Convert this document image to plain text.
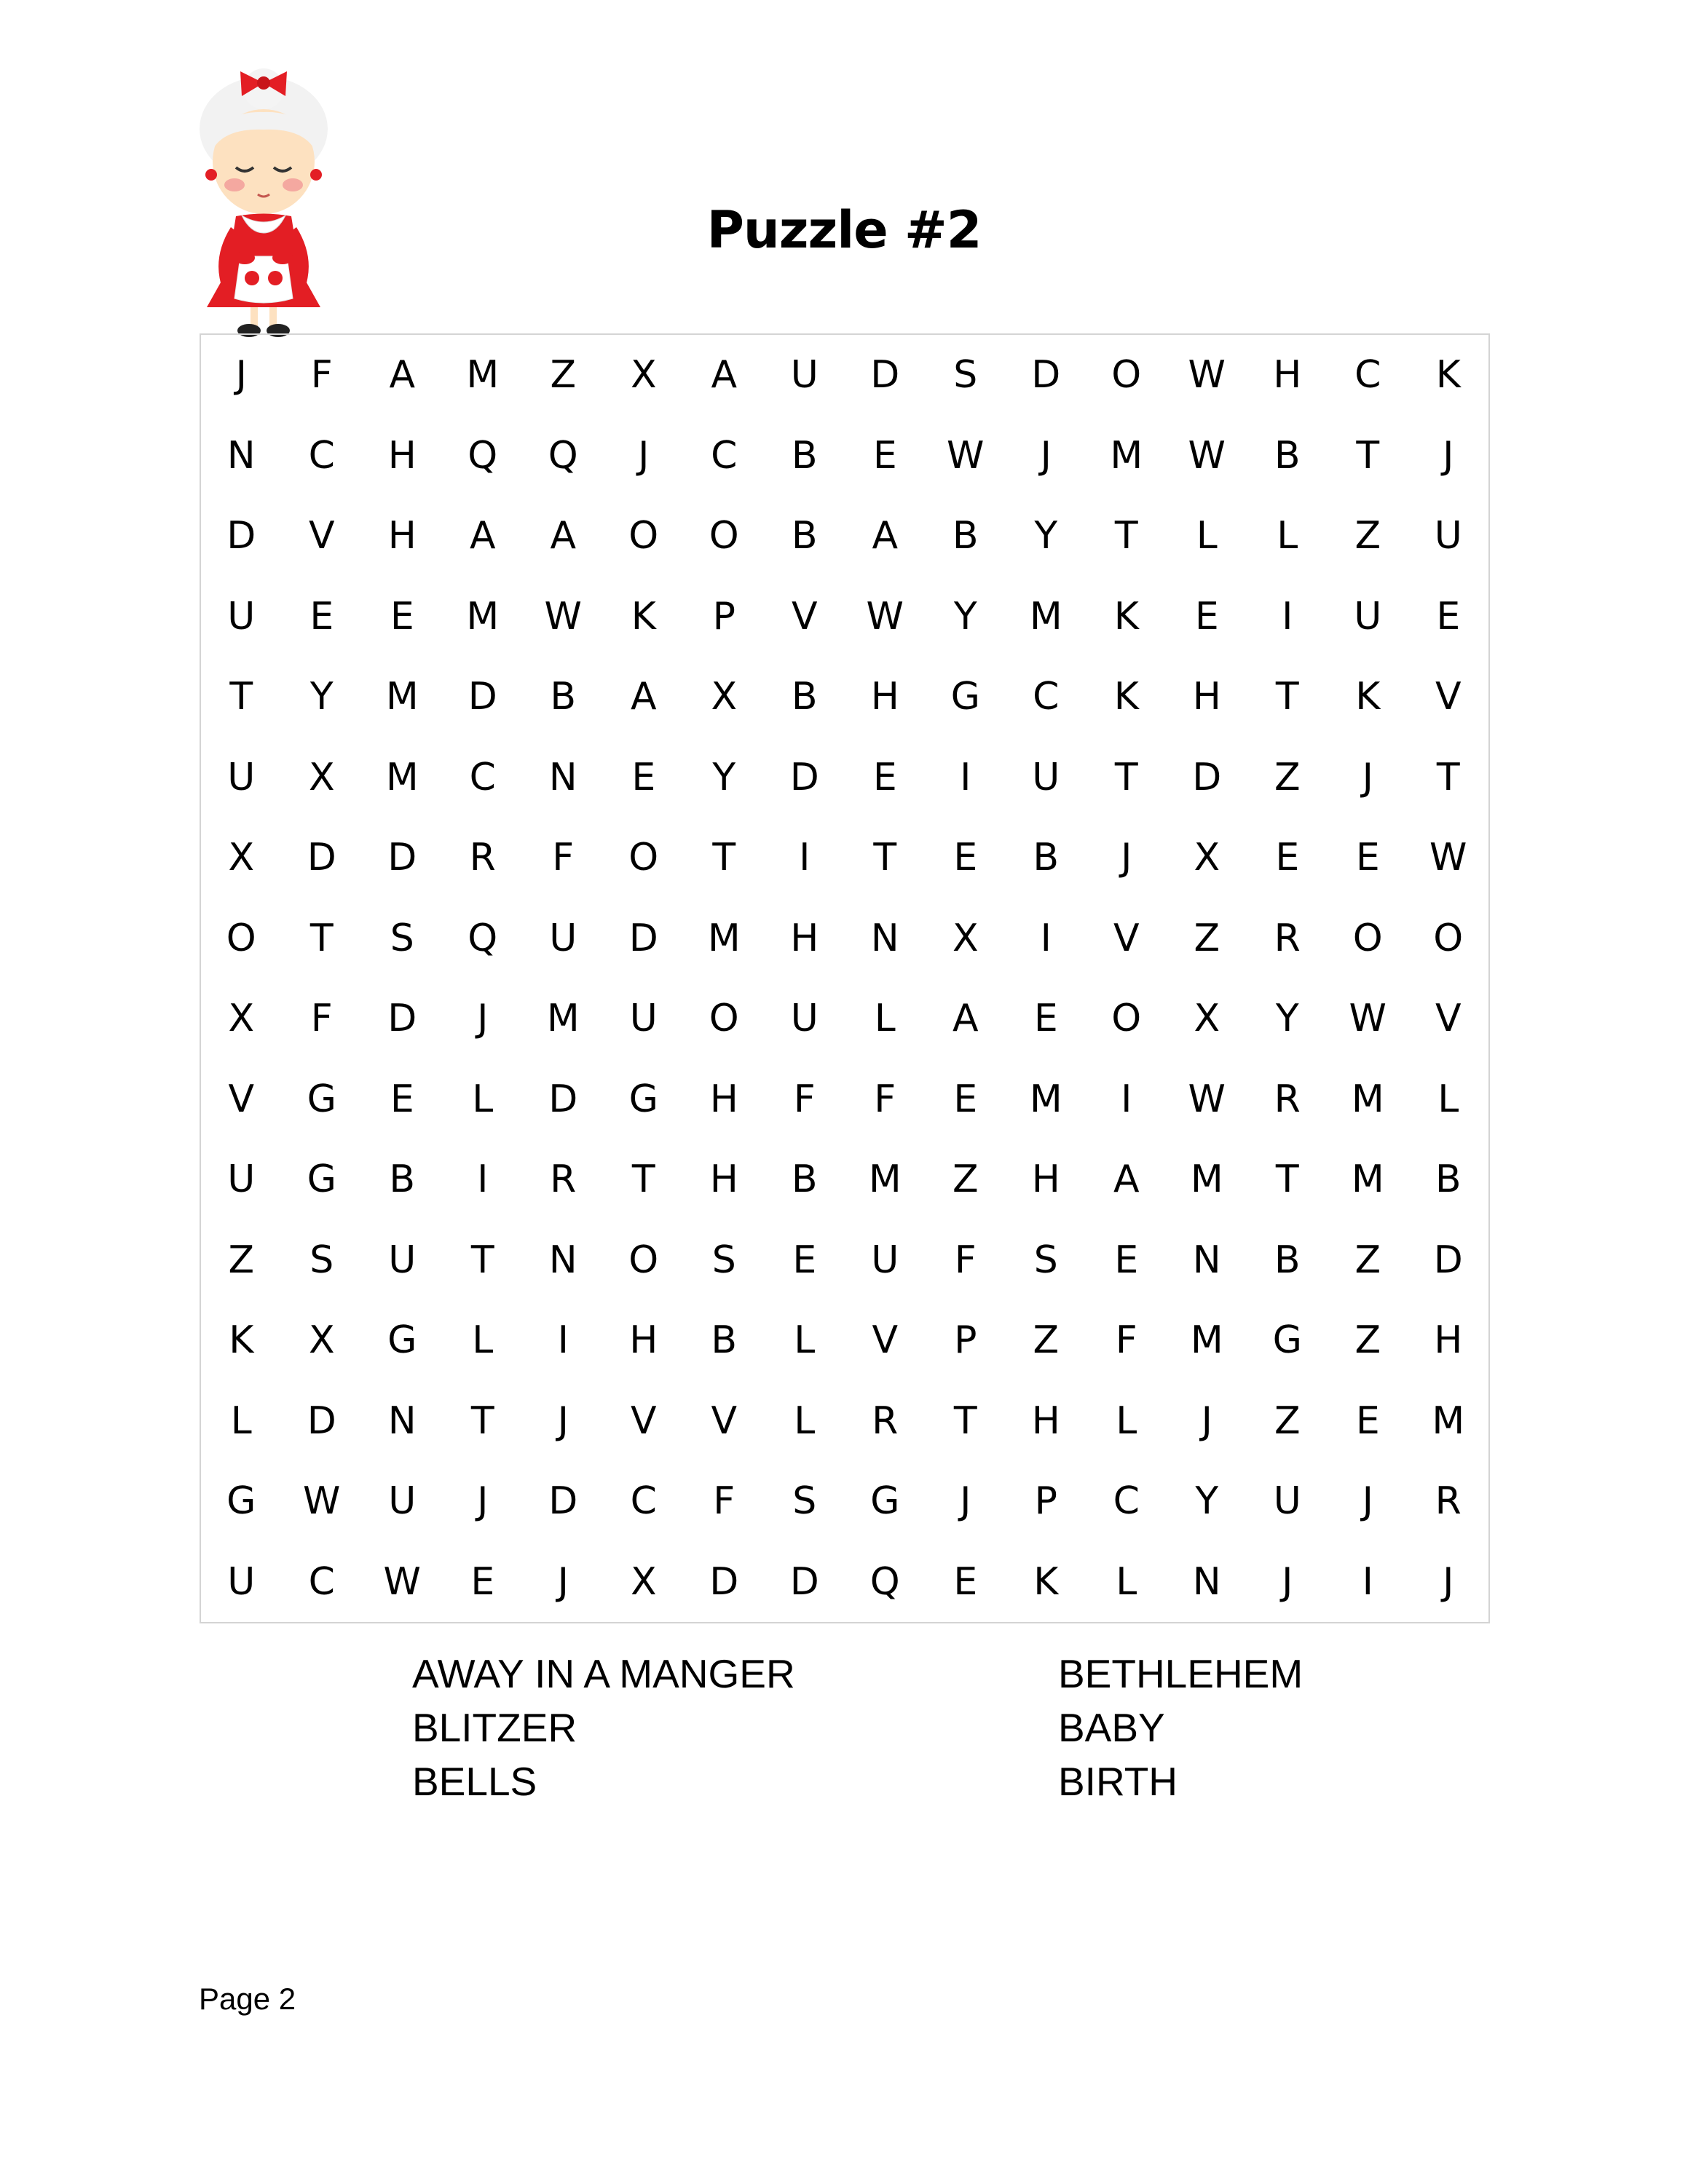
Puzzle #2
J	F	A	M	Z	X	A	U	D	S	D	O	W	H	C	K
N	C	H	Q	Q	J	C	B	E	W	J	M	W	B	T	J
D	V	H	A	A	O	O	B	A	B	Y	T	L	L	Z	U
U	E	E	M	W	K	P	V	W	Y	M	K	E	I	U	E
T	Y	M	D	B	A	X	B	H	G	C	K	H	T	K	V
U	X	M	C	N	E	Y	D	E	I	U	T	D	Z	J	T
X	D	D	R	F	O	T	I	T	E	B	J	X	E	E	W
O	T	S	Q	U	D	M	H	N	X	I	V	Z	R	O	O
X	F	D	J	M	U	O	U	L	A	E	O	X	Y	W	V
V	G	E	L	D	G	H	F	F	E	M	I	W	R	M	L
U	G	B	I	R	T	H	B	M	Z	H	A	M	T	M	B
Z	S	U	T	N	O	S	E	U	F	S	E	N	B	Z	D
K	X	G	L	I	H	B	L	V	P	Z	F	M	G	Z	H
L	D	N	T	J	V	V	L	R	T	H	L	J	Z	E	M
G	W	U	J	D	C	F	S	G	J	P	C	Y	U	J	R
U	C	W	E	J	X	D	D	Q	E	K	L	N	J	I	J
AWAY IN A MANGER
BLITZER
BELLS
BETHLEHEM
BABY
BIRTH
Page 2
